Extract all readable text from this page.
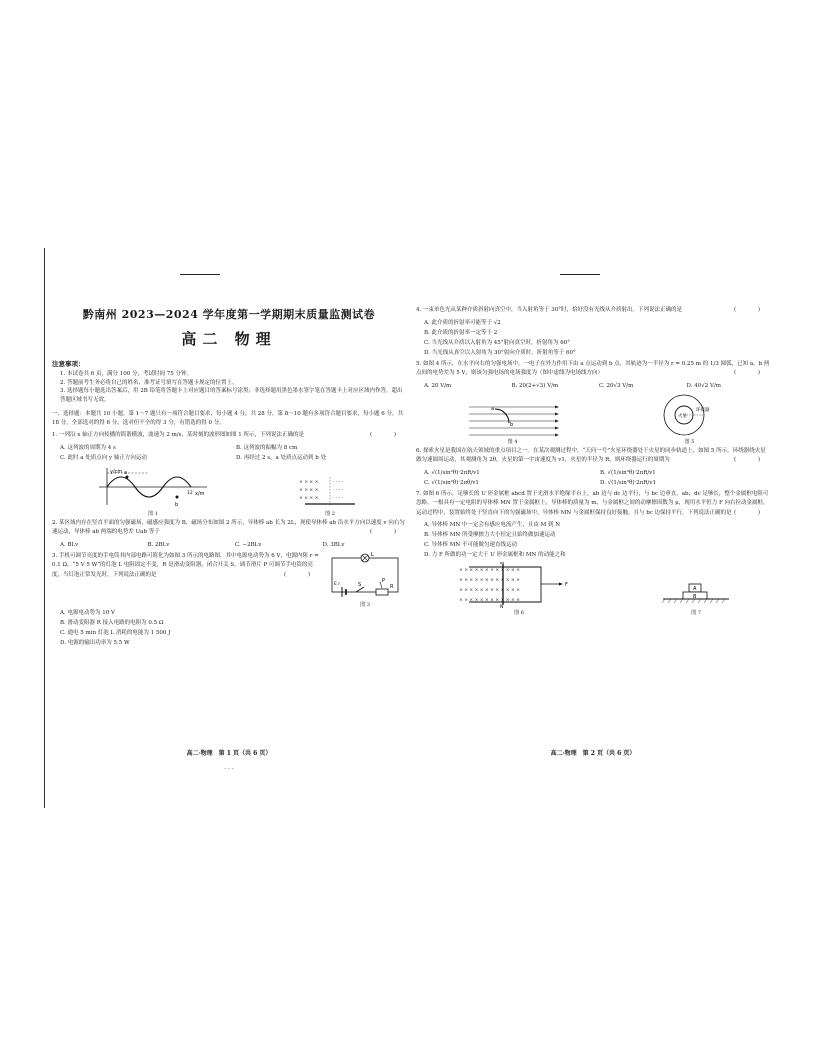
黔南州 2023—2024 学年度第一学期期末质量监测试卷
高二 物理
注意事项：
1. 本试卷共 6 页，满分 100 分，考试时间 75 分钟。
2. 答题前考生务必将自己的姓名、准考证号填写在答题卡规定的位置上。
3. 选择题每小题选出答案后，用 2B 铅笔将答题卡上对应题目的答案标号涂黑；非选择题用黑色墨水签字笔在答题卡上对应区域内作答，超出答题区域书写无效。
一、选择题：本题共 10 小题，第 1～7 题只有一项符合题目要求，每小题 4 分，共 28 分，第 8～10 题有多项符合题目要求，每小题 6 分，共 18 分，全部选对的得 6 分，选对但不全的得 3 分，有错选的得 0 分。
1. 一列沿 x 轴正方向传播的简谐横波，波速为 2 m/s，某时刻的波形图如图 1 所示，下列说法正确的是	( )
A. 这列波的周期为 4 s	B. 这列波的振幅为 8 cm
C. 此时 a 处质点向 y 轴正方向运动	D. 再经过 2 s，a 处质点运动到 b 处
y/cm
x/m
a
b
12
图 1
× × × ×	· · · ·
× × × ×	· · · ·
× × × ×	· · · ·
图 2
2. 某区域内存在竖直平面的匀强磁场，磁感应强度为 B，磁场分布如图 2 所示，导体棒 ab 长为 2L，现使导体棒 ab 沿水平方向以速度 v 向右匀速运动，导体棒 ab 两端的电势差 Uab 等于	( )
A. BLv	B. 2BLv	C. −2BLv	D. 3BLv
3. 手机可调节亮度的手电筒其内部电路可简化为如图 3 所示的电路图，其中电源电动势为 6 V，电源内阻 r = 0.1 Ω，“5 V 5 W”的灯泡 L 电阻固定不变，R 是滑动变阻器，闭合开关 S，调节滑片 P 可调节手电筒的亮度，当灯泡正常发光时，下列说法正确的是	( )
L
R
S
P
E r
图 3
A. 电源电动势为 10 V
B. 滑动变阻器 R 接入电路的电阻为 0.5 Ω
C. 通电 5 min 灯泡 L 消耗的电能为 1 500 J
D. 电源的输出功率为 5.5 W
高二·物理　第 1 页（共 6 页）
· · ·
4. 一束单色光从某种介质斜射向真空中，当入射角等于 30°时，恰好没有光线从介质射出。下列说法正确的是	( )
A. 此介质的折射率可能等于 √2
B. 此介质的折射率一定等于 2
C. 当光线从介质以入射角为 45°射向真空时，折射角为 60°
D. 当光线从真空以入射角为 30°射向介质时，折射角等于 60°
5. 如图 4 所示，在水平向右的匀强电场中，一电子在外力作用下由 a 点运动到 b 点，其轨迹为一半径为 r = 0.25 m 的 1/3 圆弧，已知 a、b 两点间的电势差为 5 V，则该匀强电场的电场强度为（图中虚线为电场线方向）	( )
A. 20 V/m	B. 20(2+√3) V/m	C. 20√3 V/m	D. 40√2 V/m
a
b
图 4
火星
环绕器
图 5
6. 探索火星是我国在航天领域的重点项目之一。在某次观测过程中，“天问一号”火星环绕器处于火星的同步轨道上，如图 5 所示，环绕器绕火星做匀速圆周运动，其观测角为 2θ，火星的第一宇宙速度为 v1，火星的半径为 R，则环绕器运行的周期为	( )
A. √(1/sin²θ)·2πR/v1	B. √(1/sin³θ)·2πR/v1
C. √(1/sin²θ)·2πθ/v1	D. √(1/sin³θ)·2πR/v1
7. 如图 6 所示，足够长的 U 形金属框 abcd 置于光滑水平绝缘平台上，ab 边与 dc 边平行，与 bc 边垂直，ab、dc 足够长，整个金属框电阻可忽略。一根具有一定电阻的导体棒 MN 置于金属框上，导体棒的质量为 m，与金属框之间的动摩擦因数为 μ，现用水平恒力 F 向右拉动金属框，运动过程中，装置始终处于竖直向下的匀强磁场中，导体棒 MN 与金属框保持良好接触，且与 bc 边保持平行，下列说法正确的是 ( )
A. 导体棒 MN 中一定会有感应电流产生，且由 M 到 N
B. 导体棒 MN 所受摩擦力大小恒定且始终做加速运动
C. 导体棒 MN 不可能做匀速直线运动
D. 力 F 所做的功一定大于 U 形金属框和 MN 的动能之和
× × × × × × × × × × × ×
× × × × × × × × × × × ×
× × × × × × × × × × × ×
× × × × × × × × × × × ×
M
N
F
图 6
A
B
图 7
高二·物理　第 2 页（共 6 页）
